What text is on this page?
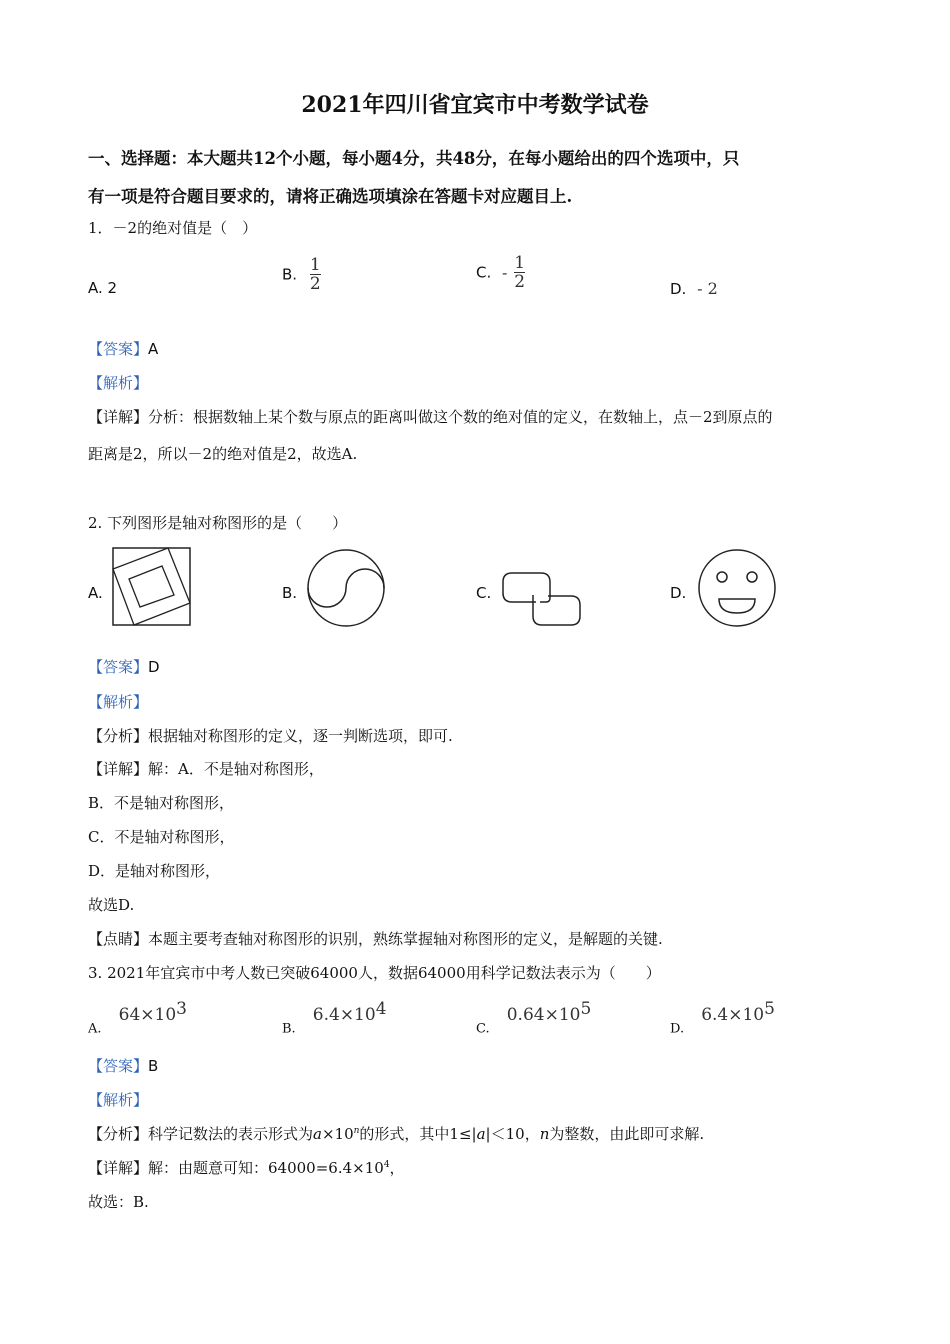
2021年四川省宜宾市中考数学试卷
一、选择题：本大题共12个小题，每小题4分，共48分，在每小题给出的四个选项中，只
有一项是符合题目要求的，请将正确选项填涂在答题卡对应题目上.
1．－2的绝对值是（　）
A. 2
B. $\frac{1}{2}$	C. - $\frac{1}{2}$	D. - 2
【答案】A
【解析】
【详解】分析：根据数轴上某个数与原点的距离叫做这个数的绝对值的定义，在数轴上，点－2到原点的
距离是2，所以－2的绝对值是2，故选A.
2. 下列图形是轴对称图形的是（　　）
A.	B.	C.	D.
【答案】D
【解析】
【分析】根据轴对称图形的定义，逐一判断选项，即可.
【详解】解：A．不是轴对称图形，
B．不是轴对称图形，
C．不是轴对称图形，
D．是轴对称图形，
故选D.
【点睛】本题主要考查轴对称图形的识别，熟练掌握轴对称图形的定义，是解题的关键.
3. 2021年宜宾市中考人数已突破64000人，数据64000用科学记数法表示为（　　）
$_{A.}$ $64\times 10^3$
$_{B.}$ $6.4\times 10^4$
$_{C.}$ $0.64\times 10^5$
$_{D.}$ $6.4\times 10^5$
【答案】B
【解析】
【分析】科学记数法的表示形式为$a\times 10^n$的形式，其中1≤|a|＜10，n为整数，由此即可求解.
【详解】解：由题意可知：$64000=6.4\times 10^4$，
故选：B.
